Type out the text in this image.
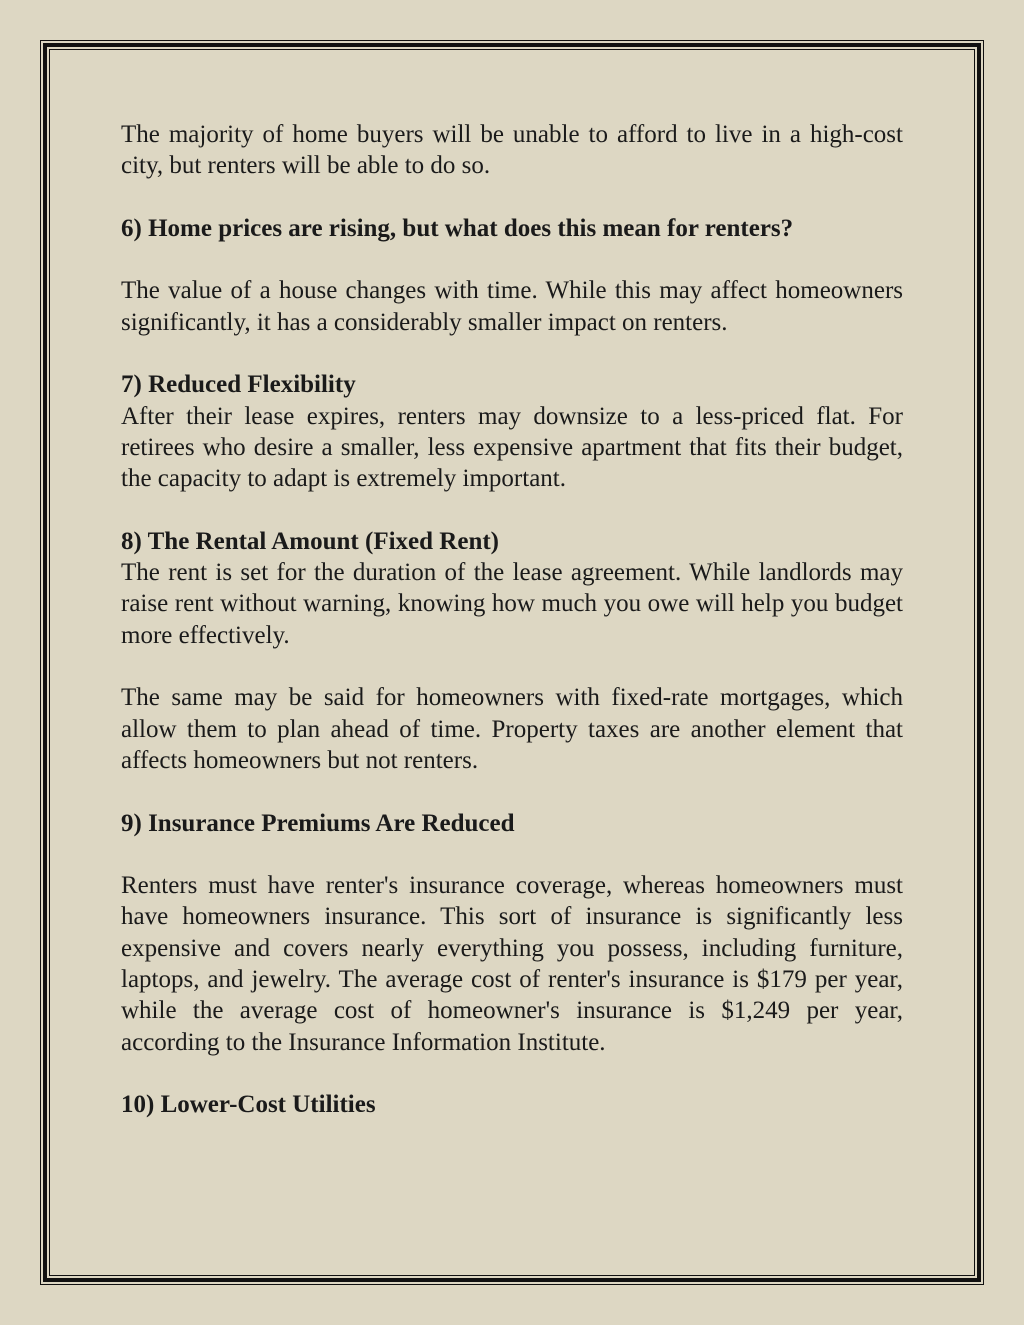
The majority of home buyers will be unable to afford to live in a high-cost city, but renters will be able to do so.

6) Home prices are rising, but what does this mean for renters?

The value of a house changes with time. While this may affect homeowners significantly, it has a considerably smaller impact on renters.

7) Reduced Flexibility

After their lease expires, renters may downsize to a less-priced flat. For retirees who desire a smaller, less expensive apartment that fits their budget, the capacity to adapt is extremely important.

8) The Rental Amount (Fixed Rent)

The rent is set for the duration of the lease agreement. While landlords may raise rent without warning, knowing how much you owe will help you budget more effectively.

The same may be said for homeowners with fixed-rate mortgages, which allow them to plan ahead of time. Property taxes are another element that affects homeowners but not renters.

9) Insurance Premiums Are Reduced

Renters must have renter's insurance coverage, whereas homeowners must have homeowners insurance. This sort of insurance is significantly less expensive and covers nearly everything you possess, including furniture, laptops, and jewelry. The average cost of renter's insurance is $179 per year, while the average cost of homeowner's insurance is $1,249 per year, according to the Insurance Information Institute.

10) Lower-Cost Utilities
